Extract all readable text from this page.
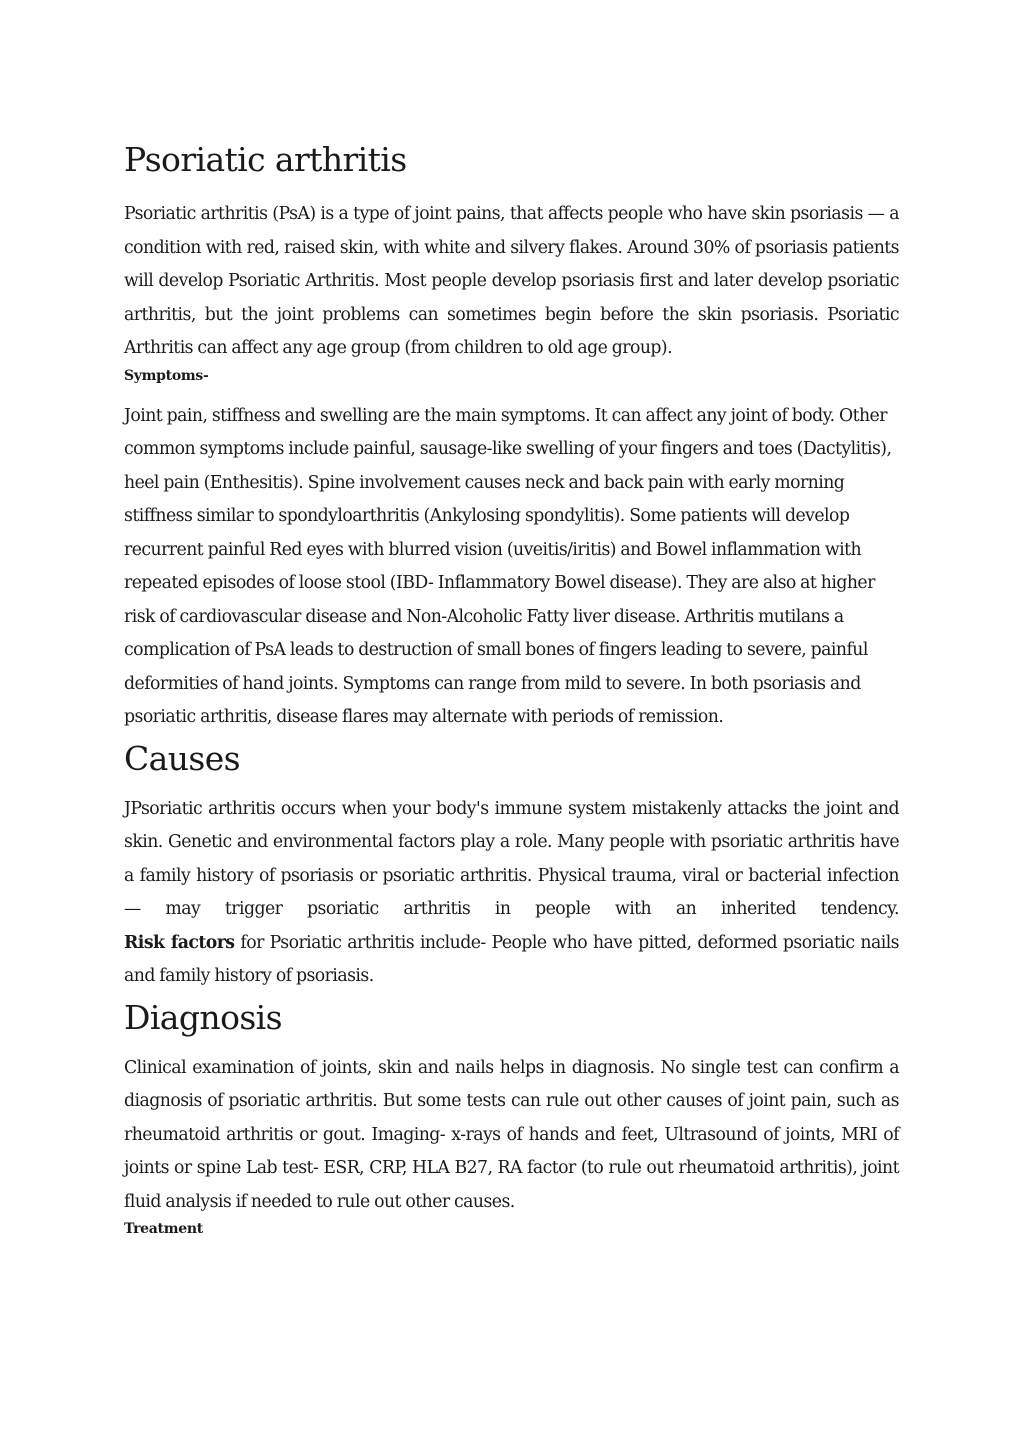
Psoriatic arthritis

Psoriatic arthritis (PsA) is a type of joint pains, that affects people who have skin psoriasis — a condition with red, raised skin, with white and silvery flakes. Around 30% of psoriasis patients will develop Psoriatic Arthritis. Most people develop psoriasis first and later develop psoriatic arthritis, but the joint problems can sometimes begin before the skin psoriasis. Psoriatic Arthritis can affect any age group (from children to old age group).

Symptoms-

Joint pain, stiffness and swelling are the main symptoms. It can affect any joint of body. Other common symptoms include painful, sausage-like swelling of your fingers and toes (Dactylitis), heel pain (Enthesitis). Spine involvement causes neck and back pain with early morning stiffness similar to spondyloarthritis (Ankylosing spondylitis). Some patients will develop recurrent painful Red eyes with blurred vision (uveitis/iritis) and Bowel inflammation with repeated episodes of loose stool (IBD- Inflammatory Bowel disease). They are also at higher risk of cardiovascular disease and Non-Alcoholic Fatty liver disease. Arthritis mutilans a complication of PsA leads to destruction of small bones of fingers leading to severe, painful deformities of hand joints. Symptoms can range from mild to severe. In both psoriasis and psoriatic arthritis, disease flares may alternate with periods of remission.

Causes

JPsoriatic arthritis occurs when your body's immune system mistakenly attacks the joint and skin. Genetic and environmental factors play a role. Many people with psoriatic arthritis have a family history of psoriasis or psoriatic arthritis. Physical trauma, viral or bacterial infection — may trigger psoriatic arthritis in people with an inherited tendency.
Risk factors for Psoriatic arthritis include- People who have pitted, deformed psoriatic nails and family history of psoriasis.

Diagnosis

Clinical examination of joints, skin and nails helps in diagnosis. No single test can confirm a diagnosis of psoriatic arthritis. But some tests can rule out other causes of joint pain, such as rheumatoid arthritis or gout. Imaging- x-rays of hands and feet, Ultrasound of joints, MRI of joints or spine Lab test- ESR, CRP, HLA B27, RA factor (to rule out rheumatoid arthritis), joint fluid analysis if needed to rule out other causes.

Treatment
